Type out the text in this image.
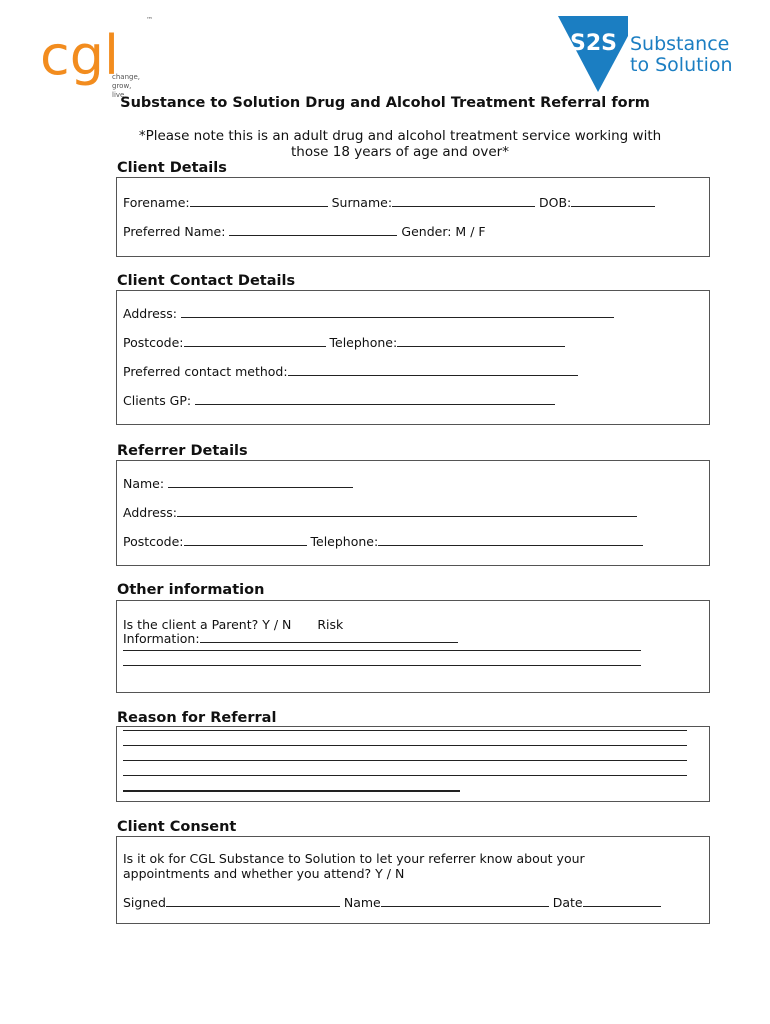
cgl
™
change,
grow,
live
S2S Substance
to Solution
Substance to Solution Drug and Alcohol Treatment Referral form
*Please note this is an adult drug and alcohol treatment service working with
those 18 years of age and over*
Client Details
Forename:	Surname:	DOB:
Preferred Name:	Gender: M / F
Client Contact Details
Address:
Postcode:	Telephone:
Preferred contact method:
Clients GP:
Referrer Details
Name:
Address:
Postcode:	Telephone:
Other information
Is the client a Parent? Y / N Risk
Information:
Reason for Referral
Client Consent
Is it ok for CGL Substance to Solution to let your referrer know about your
appointments and whether you attend? Y / N
Signed	Name	Date
